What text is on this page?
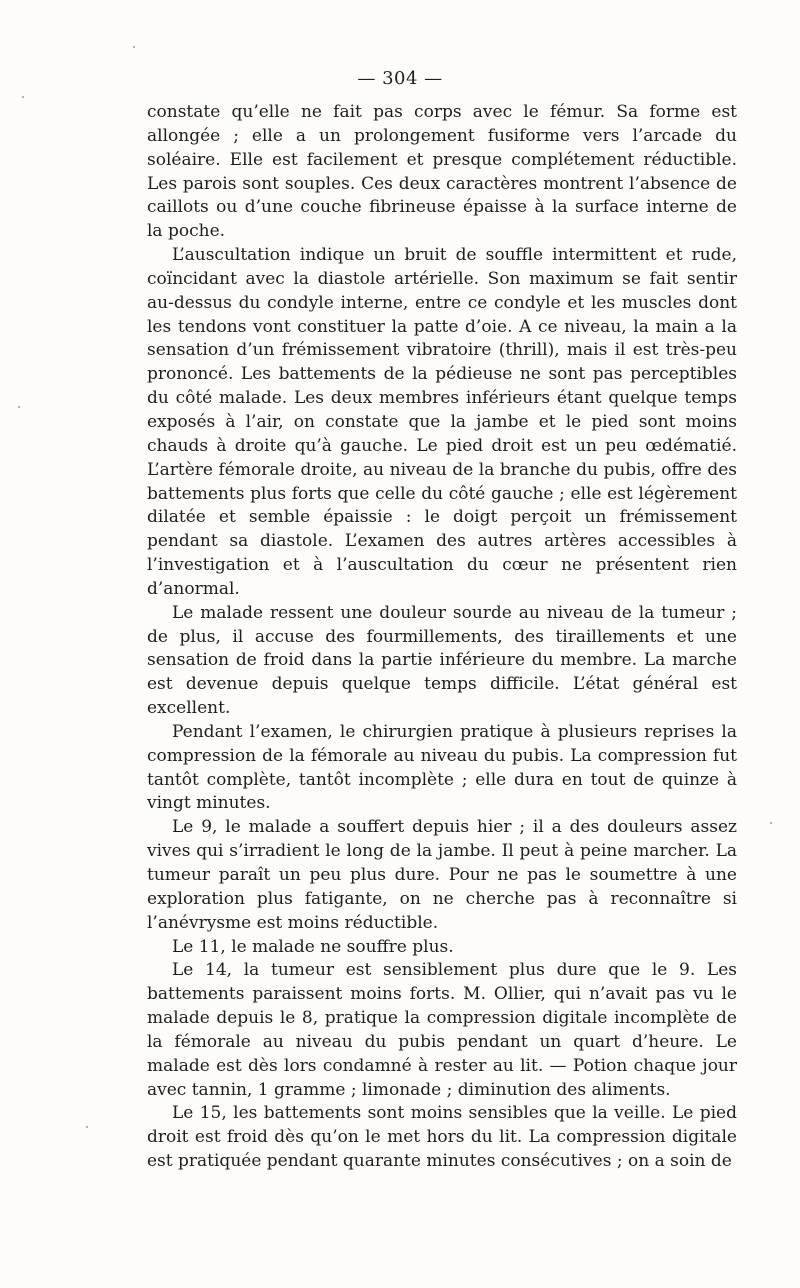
— 304 —

constate qu’elle ne fait pas corps avec le fémur. Sa forme est allongée ; elle a un prolongement fusiforme vers l’arcade du soléaire. Elle est facilement et presque complétement réductible. Les parois sont souples. Ces deux caractères montrent l’absence de caillots ou d’une couche fibrineuse épaisse à la surface interne de la poche.

L’auscultation indique un bruit de souffle intermittent et rude, coïncidant avec la diastole artérielle. Son maximum se fait sentir au-dessus du condyle interne, entre ce condyle et les muscles dont les tendons vont constituer la patte d’oie. A ce niveau, la main a la sensation d’un frémissement vibratoire (thrill), mais il est très-peu prononcé. Les battements de la pédieuse ne sont pas perceptibles du côté malade. Les deux membres inférieurs étant quelque temps exposés à l’air, on constate que la jambe et le pied sont moins chauds à droite qu’à gauche. Le pied droit est un peu œdématié. L’artère fémorale droite, au niveau de la branche du pubis, offre des battements plus forts que celle du côté gauche ; elle est légèrement dilatée et semble épaissie : le doigt perçoit un frémissement pendant sa diastole. L’examen des autres artères accessibles à l’investigation et à l’auscultation du cœur ne présentent rien d’anormal.

Le malade ressent une douleur sourde au niveau de la tumeur ; de plus, il accuse des fourmillements, des tiraillements et une sensation de froid dans la partie inférieure du membre. La marche est devenue depuis quelque temps difficile. L’état général est excellent.

Pendant l’examen, le chirurgien pratique à plusieurs reprises la compression de la fémorale au niveau du pubis. La compression fut tantôt complète, tantôt incomplète ; elle dura en tout de quinze à vingt minutes.

Le 9, le malade a souffert depuis hier ; il a des douleurs assez vives qui s’irradient le long de la jambe. Il peut à peine marcher. La tumeur paraît un peu plus dure. Pour ne pas le soumettre à une exploration plus fatigante, on ne cherche pas à reconnaître si l’anévrysme est moins réductible.

Le 11, le malade ne souffre plus.

Le 14, la tumeur est sensiblement plus dure que le 9. Les battements paraissent moins forts. M. Ollier, qui n’avait pas vu le malade depuis le 8, pratique la compression digitale incomplète de la fémorale au niveau du pubis pendant un quart d’heure. Le malade est dès lors condamné à rester au lit. — Potion chaque jour avec tannin, 1 gramme ; limonade ; diminution des aliments.

Le 15, les battements sont moins sensibles que la veille. Le pied droit est froid dès qu’on le met hors du lit. La compression digitale est pratiquée pendant quarante minutes consécutives ; on a soin de
